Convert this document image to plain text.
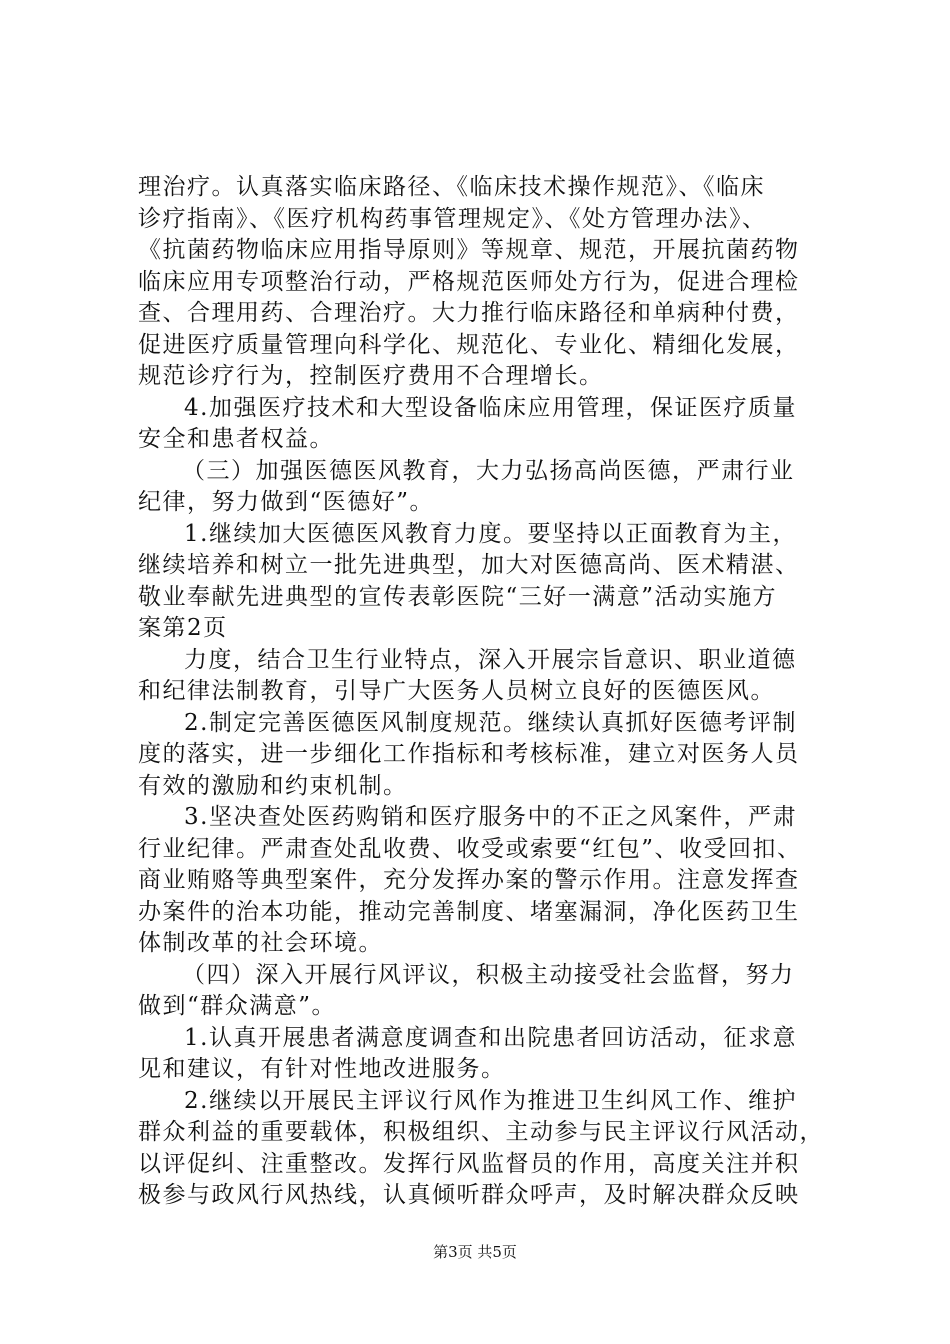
理治疗。认真落实临床路径、《临床技术操作规范》、《临床
诊疗指南》、《医疗机构药事管理规定》、《处方管理办法》、
《抗菌药物临床应用指导原则》等规章、规范，开展抗菌药物
临床应用专项整治行动，严格规范医师处方行为，促进合理检
查、合理用药、合理治疗。大力推行临床路径和单病种付费，
促进医疗质量管理向科学化、规范化、专业化、精细化发展，
规范诊疗行为，控制医疗费用不合理增长。
4.加强医疗技术和大型设备临床应用管理，保证医疗质量
安全和患者权益。
（三）加强医德医风教育，大力弘扬高尚医德，严肃行业
纪律，努力做到“医德好”。
1.继续加大医德医风教育力度。要坚持以正面教育为主，
继续培养和树立一批先进典型，加大对医德高尚、医术精湛、
敬业奉献先进典型的宣传表彰医院“三好一满意”活动实施方
案第2页
力度，结合卫生行业特点，深入开展宗旨意识、职业道德
和纪律法制教育，引导广大医务人员树立良好的医德医风。
2.制定完善医德医风制度规范。继续认真抓好医德考评制
度的落实，进一步细化工作指标和考核标准，建立对医务人员
有效的激励和约束机制。
3.坚决查处医药购销和医疗服务中的不正之风案件，严肃
行业纪律。严肃查处乱收费、收受或索要“红包”、收受回扣、
商业贿赂等典型案件，充分发挥办案的警示作用。注意发挥查
办案件的治本功能，推动完善制度、堵塞漏洞，净化医药卫生
体制改革的社会环境。
（四）深入开展行风评议，积极主动接受社会监督，努力
做到“群众满意”。
1.认真开展患者满意度调查和出院患者回访活动，征求意
见和建议，有针对性地改进服务。
2.继续以开展民主评议行风作为推进卫生纠风工作、维护
群众利益的重要载体，积极组织、主动参与民主评议行风活动，
以评促纠、注重整改。发挥行风监督员的作用，高度关注并积
极参与政风行风热线，认真倾听群众呼声，及时解决群众反映
第3页 共5页
